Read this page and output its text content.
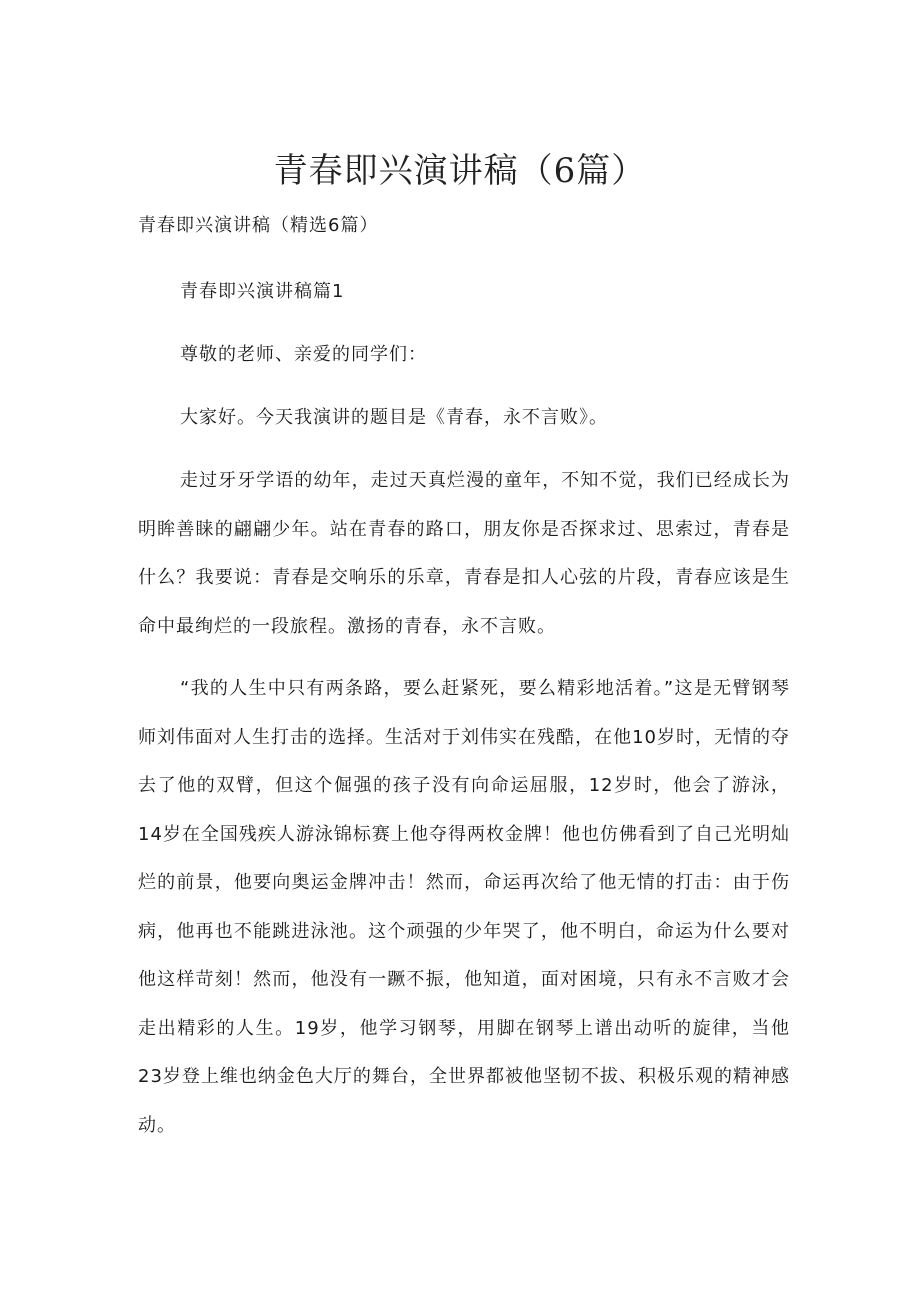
青春即兴演讲稿（6篇）

青春即兴演讲稿（精选6篇）

青春即兴演讲稿篇1

尊敬的老师、亲爱的同学们：

大家好。今天我演讲的题目是《青春，永不言败》。

走过牙牙学语的幼年，走过天真烂漫的童年，不知不觉，我们已经成长为明眸善睐的翩翩少年。站在青春的路口，朋友你是否探求过、思索过，青春是什么？我要说：青春是交响乐的乐章，青春是扣人心弦的片段，青春应该是生命中最绚烂的一段旅程。激扬的青春，永不言败。

“我的人生中只有两条路，要么赶紧死，要么精彩地活着。”这是无臂钢琴师刘伟面对人生打击的选择。生活对于刘伟实在残酷，在他10岁时，无情的夺去了他的双臂，但这个倔强的孩子没有向命运屈服，12岁时，他会了游泳，14岁在全国残疾人游泳锦标赛上他夺得两枚金牌！他也仿佛看到了自己光明灿烂的前景，他要向奥运金牌冲击！然而，命运再次给了他无情的打击：由于伤病，他再也不能跳进泳池。这个顽强的少年哭了，他不明白，命运为什么要对他这样苛刻！然而，他没有一蹶不振，他知道，面对困境，只有永不言败才会走出精彩的人生。19岁，他学习钢琴，用脚在钢琴上谱出动听的旋律，当他23岁登上维也纳金色大厅的舞台，全世界都被他坚韧不拔、积极乐观的精神感动。
